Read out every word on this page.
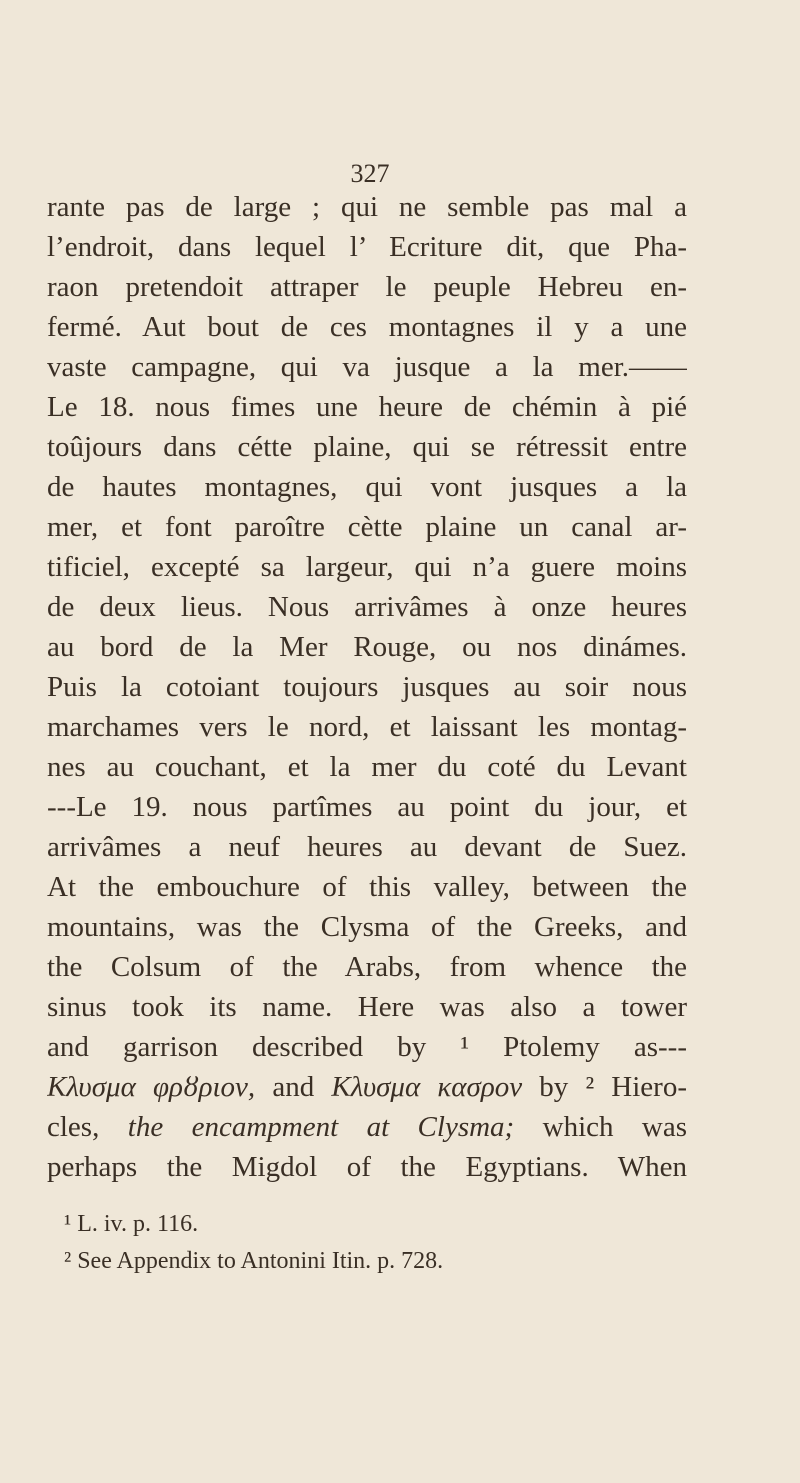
327
rante pas de large ; qui ne semble pas mal a
l’endroit, dans lequel l’ Ecriture dit, que Pha-
raon pretendoit attraper le peuple Hebreu en-
fermé. Aut bout de ces montagnes il y a une
vaste campagne, qui va jusque a la mer.——
Le 18. nous fimes une heure de chémin à pié
toûjours dans cétte plaine, qui se rétressit entre
de hautes montagnes, qui vont jusques a la
mer, et font paroître cètte plaine un canal ar-
tificiel, excepté sa largeur, qui n’a guere moins
de deux lieus. Nous arrivâmes à onze heures
au bord de la Mer Rouge, ou nos dinámes.
Puis la cotoiant toujours jusques au soir nous
marchames vers le nord, et laissant les montag-
nes au couchant, et la mer du coté du Levant
---Le 19. nous partîmes au point du jour, et
arrivâmes a neuf heures au devant de Suez.
At the embouchure of this valley, between the
mountains, was the Clysma of the Greeks, and
the Colsum of the Arabs, from whence the
sinus took its name. Here was also a tower
and garrison described by ¹ Ptolemy as---
Κλυσμα φρȣριον, and Κλυσμα κασρον by ² Hiero-
cles, the encampment at Clysma; which was
perhaps the Migdol of the Egyptians. When
¹ L. iv. p. 116.
² See Appendix to Antonini Itin. p. 728.
